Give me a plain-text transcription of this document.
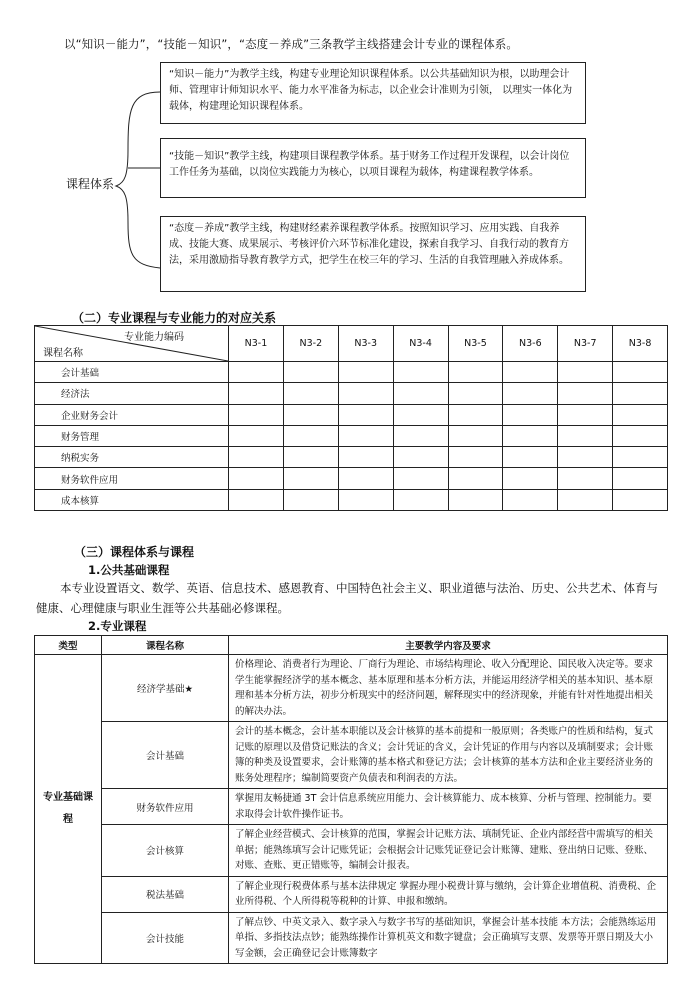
以“知识－能力”，“技能－知识”，“态度－养成”三条教学主线搭建会计专业的课程体系。
课程体系
“知识－能力”为教学主线，构建专业理论知识课程体系。以公共基础知识为根，以助理会计师、管理审计师知识水平、能力水平准备为标志，以企业会计准则为引领， 以理实一体化为载体，构建理论知识课程体系。
“技能－知识”教学主线，构建项目课程教学体系。基于财务工作过程开发课程，以会计岗位工作任务为基础，以岗位实践能力为核心，以项目课程为载体，构建课程教学体系。
“态度－养成”教学主线，构建财经素养课程教学体系。按照知识学习、应用实践、自我养成、技能大赛、成果展示、考核评价六环节标准化建设，探索自我学习、自我行动的教育方法，采用激励指导教育教学方式，把学生在校三年的学习、生活的自我管理融入养成体系。
（二）专业课程与专业能力的对应关系
专业能力编码
课程名称	N3-1	N3-2	N3-3	N3-4	N3-5	N3-6	N3-7	N3-8
会计基础								
经济法								
企业财务会计								
财务管理								
纳税实务								
财务软件应用								
成本核算								
（三）课程体系与课程
1.公共基础课程
本专业设置语文、数学、英语、信息技术、感恩教育、中国特色社会主义、职业道德与法治、历史、公共艺术、体育与健康、心理健康与职业生涯等公共基础必修课程。
2.专业课程
类型	课程名称	主要教学内容及要求
专业基础课程	经济学基础★	价格理论、消费者行为理论、厂商行为理论、市场结构理论、收入分配理论、国民收入决定等。要求学生能掌握经济学的基本概念、基本原理和基本分析方法，并能运用经济学相关的基本知识、基本原理和基本分析方法，初步分析现实中的经济问题，解释现实中的经济现象，并能有针对性地提出相关的解决办法。
	会计基础	会计的基本概念，会计基本职能以及会计核算的基本前提和一般原则；各类账户的性质和结构，复式记账的原理以及借贷记账法的含义；会计凭证的含义，会计凭证的作用与内容以及填制要求；会计账簿的种类及设置要求，会计账簿的基本格式和登记方法；会计核算的基本方法和企业主要经济业务的账务处理程序；编制简要资产负债表和利润表的方法。
	财务软件应用	掌握用友畅捷通 3T 会计信息系统应用能力、会计核算能力、成本核算、分析与管理、控制能力。要求取得会计软件操作证书。
	会计核算	了解企业经营模式、会计核算的范围，掌握会计记账方法、填制凭证、企业内部经营中需填写的相关单据；能熟练填写会计记账凭证；会根据会计记账凭证登记会计账簿、建账、登出纳日记账、登账、对账、查账、更正错账等，编制会计报表。
	税法基础	了解企业现行税费体系与基本法律规定 掌握办理小税费计算与缴纳，会计算企业增值税、消费税、企业所得税、个人所得税等税种的计算、申报和缴纳。
	会计技能	了解点钞、中英文录入、数字录入与数字书写的基础知识，掌握会计基本技能 本方法；会能熟练运用单指、多指技法点钞；能熟练操作计算机英文和数字键盘；会正确填写支票、发票等开票日期及大小写金额，会正确登记会计账簿数字
